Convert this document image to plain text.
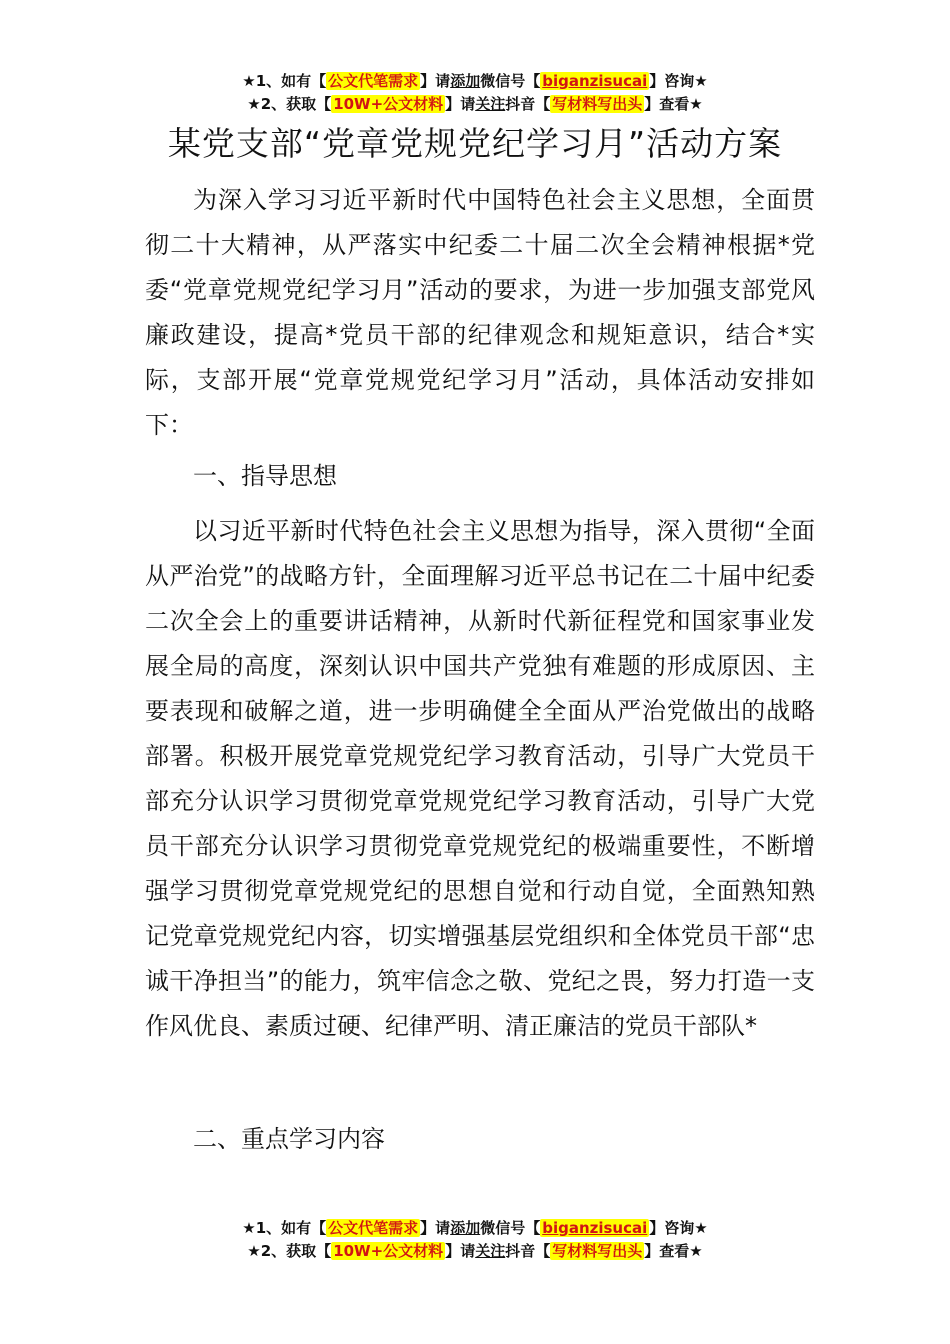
★1、如有【 公文代笔需求 】请添加微信号【 biganzisucai 】咨询★
★2、获取【 10W+公文材料 】请关注抖音【 写材料写出头 】查看★
某党支部“党章党规党纪学习月”活动方案

为深入学习习近平新时代中国特色社会主义思想，全面贯彻二十大精神，从严落实中纪委二十届二次全会精神根据*党委“党章党规党纪学习月”活动的要求，为进一步加强支部党风廉政建设，提高*党员干部的纪律观念和规矩意识，结合*实际，支部开展“党章党规党纪学习月”活动，具体活动安排如下：

一、指导思想

以习近平新时代特色社会主义思想为指导，深入贯彻“全面从严治党”的战略方针，全面理解习近平总书记在二十届中纪委二次全会上的重要讲话精神，从新时代新征程党和国家事业发展全局的高度，深刻认识中国共产党独有难题的形成原因、主要表现和破解之道，进一步明确健全全面从严治党做出的战略部署。积极开展党章党规党纪学习教育活动，引导广大党员干部充分认识学习贯彻党章党规党纪学习教育活动，引导广大党员干部充分认识学习贯彻党章党规党纪的极端重要性，不断增强学习贯彻党章党规党纪的思想自觉和行动自觉，全面熟知熟记党章党规党纪内容，切实增强基层党组织和全体党员干部“忠诚干净担当”的能力，筑牢信念之敬、党纪之畏，努力打造一支作风优良、素质过硬、纪律严明、清正廉洁的党员干部队*

二、重点学习内容

★1、如有【 公文代笔需求 】请添加微信号【 biganzisucai 】咨询★
★2、获取【 10W+公文材料 】请关注抖音【 写材料写出头 】查看★
